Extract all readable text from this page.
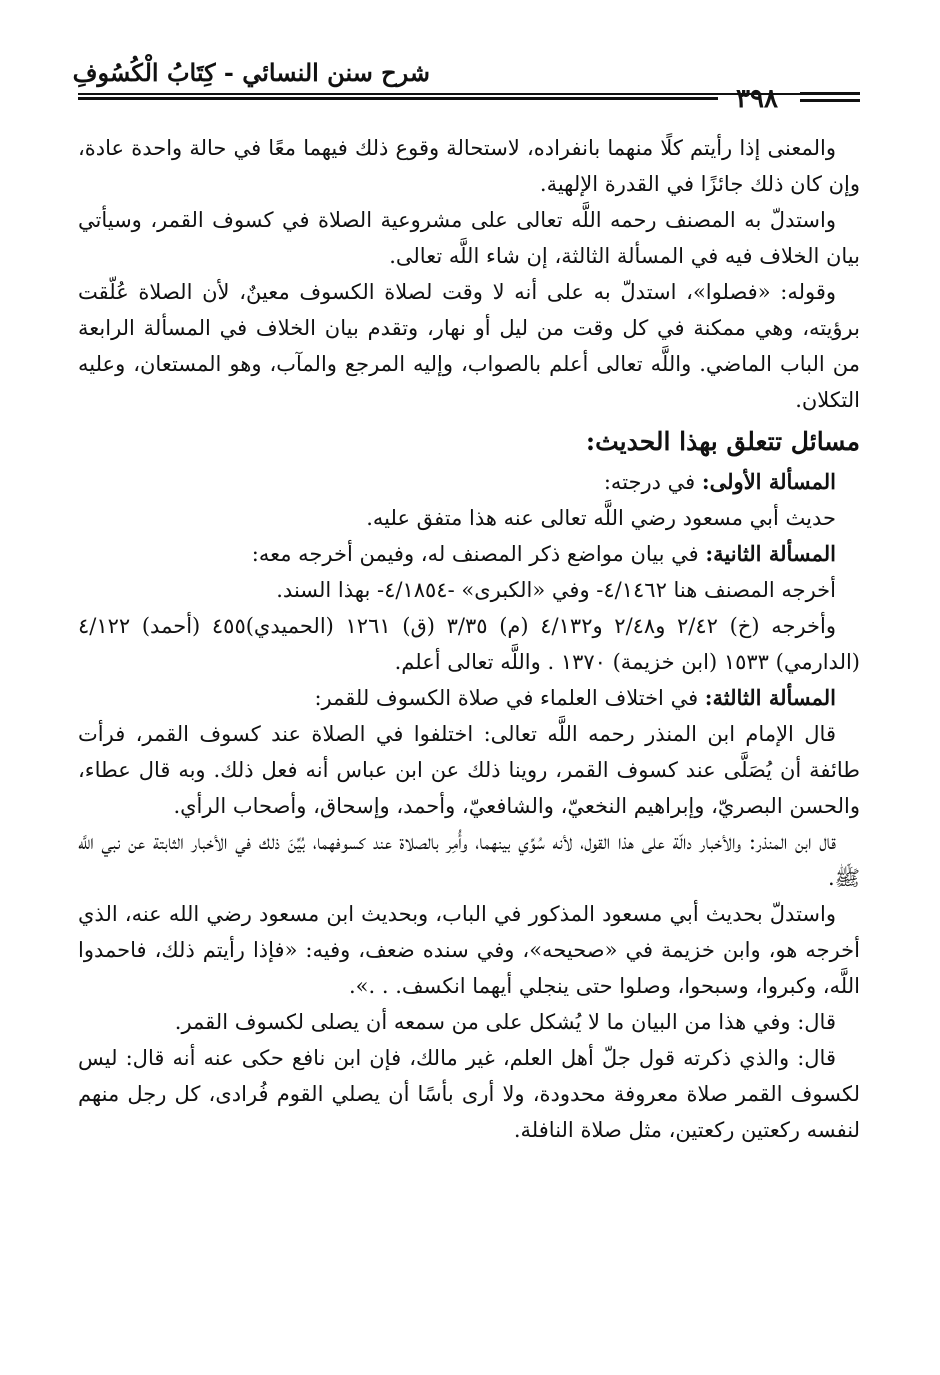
شرح سنن النسائي - كِتَابُ الْكُسُوفِ
٣٩٨

والمعنى إذا رأيتم كلًا منهما بانفراده، لاستحالة وقوع ذلك فيهما معًا في حالة واحدة عادة، وإن كان ذلك جائزًا في القدرة الإلهية.

واستدلّ به المصنف رحمه اللَّه تعالى على مشروعية الصلاة في كسوف القمر، وسيأتي بيان الخلاف فيه في المسألة الثالثة، إن شاء اللَّه تعالى.

وقوله: «فصلوا»، استدلّ به على أنه لا وقت لصلاة الكسوف معينٌ، لأن الصلاة عُلّقت برؤيته، وهي ممكنة في كل وقت من ليل أو نهار، وتقدم بيان الخلاف في المسألة الرابعة من الباب الماضي. واللَّه تعالى أعلم بالصواب، وإليه المرجع والمآب، وهو المستعان، وعليه التكلان.

مسائل تتعلق بهذا الحديث:

المسألة الأولى: في درجته:

حديث أبي مسعود رضي اللَّه تعالى عنه هذا متفق عليه.

المسألة الثانية: في بيان مواضع ذكر المصنف له، وفيمن أخرجه معه:

أخرجه المصنف هنا ٤/١٤٦٢- وفي «الكبرى» -٤/١٨٥٤- بهذا السند.

وأخرجه (خ) ٢/٤٢ و٢/٤٨ و٤/١٣٢ (م) ٣/٣٥ (ق) ١٢٦١ (الحميدي)٤٥٥ (أحمد) ٤/١٢٢ (الدارمي) ١٥٣٣ (ابن خزيمة) ١٣٧٠ . واللَّه تعالى أعلم.

المسألة الثالثة: في اختلاف العلماء في صلاة الكسوف للقمر:

قال الإمام ابن المنذر رحمه اللَّه تعالى: اختلفوا في الصلاة عند كسوف القمر، فرأت طائفة أن يُصَلَّى عند كسوف القمر، روينا ذلك عن ابن عباس أنه فعل ذلك. وبه قال عطاء، والحسن البصريّ، وإبراهيم النخعيّ، والشافعيّ، وأحمد، وإسحاق، وأصحاب الرأي.

قال ابن المنذر: والأخبار دالّة على هذا القول، لأنه سُوِّي بينهما، وأُمِر بالصلاة عند كسوفهما، بُيِّنَ ذلك في الأخبار الثابتة عن نبي اللَّه ﷺ.

واستدلّ بحديث أبي مسعود المذكور في الباب، وبحديث ابن مسعود رضي الله عنه، الذي أخرجه هو، وابن خزيمة في «صحيحه»، وفي سنده ضعف، وفيه: «فإذا رأيتم ذلك، فاحمدوا اللَّه، وكبروا، وسبحوا، وصلوا حتى ينجلي أيهما انكسف. . .».

قال: وفي هذا من البيان ما لا يُشكل على من سمعه أن يصلى لكسوف القمر.

قال: والذي ذكرته قول جلّ أهل العلم، غير مالك، فإن ابن نافع حكى عنه أنه قال: ليس لكسوف القمر صلاة معروفة محدودة، ولا أرى بأسًا أن يصلي القوم فُرادى، كل رجل منهم لنفسه ركعتين ركعتين، مثل صلاة النافلة.
